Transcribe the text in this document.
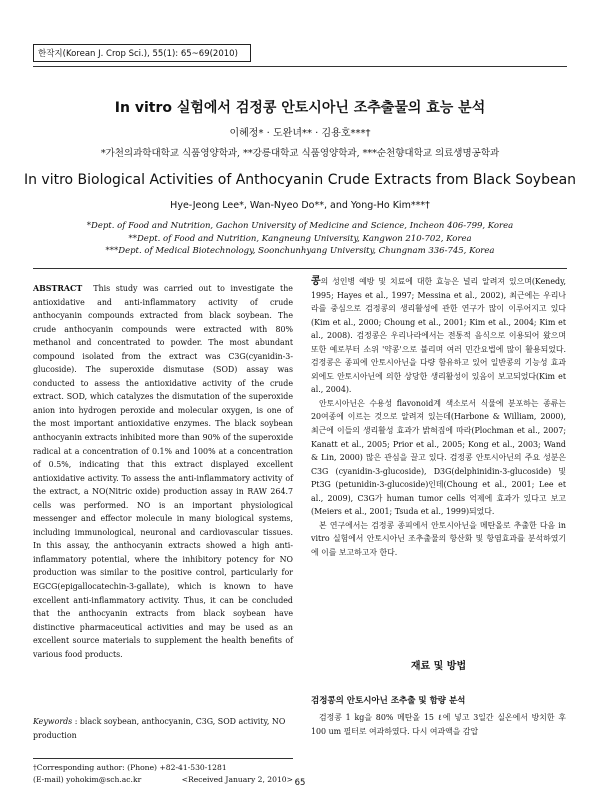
한작지(Korean J. Crop Sci.), 55(1): 65~69(2010)
In vitro 실험에서 검정콩 안토시아닌 조추출물의 효능 분석
이혜정* · 도완녀** · 김용호***†
*가천의과학대학교 식품영양학과, **강릉대학교 식품영양학과, ***순천향대학교 의료생명공학과
In vitro Biological Activities of Anthocyanin Crude Extracts from Black Soybean
Hye-Jeong Lee*, Wan-Nyeo Do**, and Yong-Ho Kim***†
*Dept. of Food and Nutrition, Gachon University of Medicine and Science, Incheon 406-799, Korea
**Dept. of Food and Nutrition, Kangneung University, Kangwon 210-702, Korea
***Dept. of Medical Biotechnology, Soonchunhyang University, Chungnam 336-745, Korea

ABSTRACT This study was carried out to investigate the antioxidative and anti-inflammatory activity of crude anthocyanin compounds extracted from black soybean. The crude anthocyanin compounds were extracted with 80% methanol and concentrated to powder. The most abundant compound isolated from the extract was C3G(cyanidin-3-glucoside). The superoxide dismutase (SOD) assay was conducted to assess the antioxidative activity of the crude extract. SOD, which catalyzes the dismutation of the superoxide anion into hydrogen peroxide and molecular oxygen, is one of the most important antioxidative enzymes. The black soybean anthocyanin extracts inhibited more than 90% of the superoxide radical at a concentration of 0.1% and 100% at a concentration of 0.5%, indicating that this extract displayed excellent antioxidative activity. To assess the anti-inflammatory activity of the extract, a NO(Nitric oxide) production assay in RAW 264.7 cells was performed. NO is an important physiological messenger and effector molecule in many biological systems, including immunological, neuronal and cardiovascular tissues. In this assay, the anthocyanin extracts showed a high anti-inflammatory potential, where the inhibitory potency for NO production was similar to the positive control, particularly for EGCG(epigallocatechin-3-gallate), which is known to have excellent anti-inflammatory activity. Thus, it can be concluded that the anthocyanin extracts from black soybean have distinctive pharmaceutical activities and may be used as an excellent source materials to supplement the health benefits of various food products.

Keywords : black soybean, anthocyanin, C3G, SOD activity, NO production
†Corresponding author: (Phone) +82-41-530-1281
(E-mail) yohokim@sch.ac.kr	<Received January 2, 2010>

콩의 성인병 예방 및 치료에 대한 효능은 널리 알려져 있으며(Kenedy, 1995; Hayes et al., 1997; Messina et al., 2002), 최근에는 우리나라를 중심으로 검정콩의 생리활성에 관한 연구가 많이 이루어지고 있다(Kim et al., 2000; Choung et al., 2001; Kim et al., 2004; Kim et al., 2008). 검정콩은 우리나라에서는 전통적 음식으로 이용되어 왔으며 또한 예로부터 소위 '약콩'으로 불리며 여러 민간요법에 많이 활용되었다. 검정콩은 종피에 안토시아닌을 다량 함유하고 있어 일반콩의 기능성 효과 외에도 안토시아닌에 의한 상당한 생리활성이 있음이 보고되었다(Kim et al., 2004).

안토시아닌은 수용성 flavonoid계 색소로서 식물에 분포하는 종류는 20여종에 이르는 것으로 알려져 있는데(Harbone & William, 2000), 최근에 이들의 생리활성 효과가 밝혀짐에 따라(Plochman et al., 2007; Kanatt et al., 2005; Prior et al., 2005; Kong et al., 2003; Wand & Lin, 2000) 많은 관심을 끌고 있다. 검정콩 안토시아닌의 주요 성분은 C3G (cyanidin-3-glucoside), D3G(delphinidin-3-glucoside) 및 Pt3G (petunidin-3-glucoside)인데(Choung et al., 2001; Lee et al., 2009), C3G가 human tumor cells 억제에 효과가 있다고 보고(Meiers et al., 2001; Tsuda et al., 1999)되었다.

본 연구에서는 검정콩 종피에서 안토시아닌을 메탄올로 추출한 다음 in vitro 실험에서 안토시아닌 조추출물의 항산화 및 항염효과를 분석하였기에 이를 보고하고자 한다.

재료 및 방법
검정콩의 안토시아닌 조추출 및 함량 분석
검정콩 1 kg을 80% 메탄올 15 ℓ에 넣고 3일간 실온에서 방치한 후 100 um 필터로 여과하였다. 다시 여과액을 감압
65
